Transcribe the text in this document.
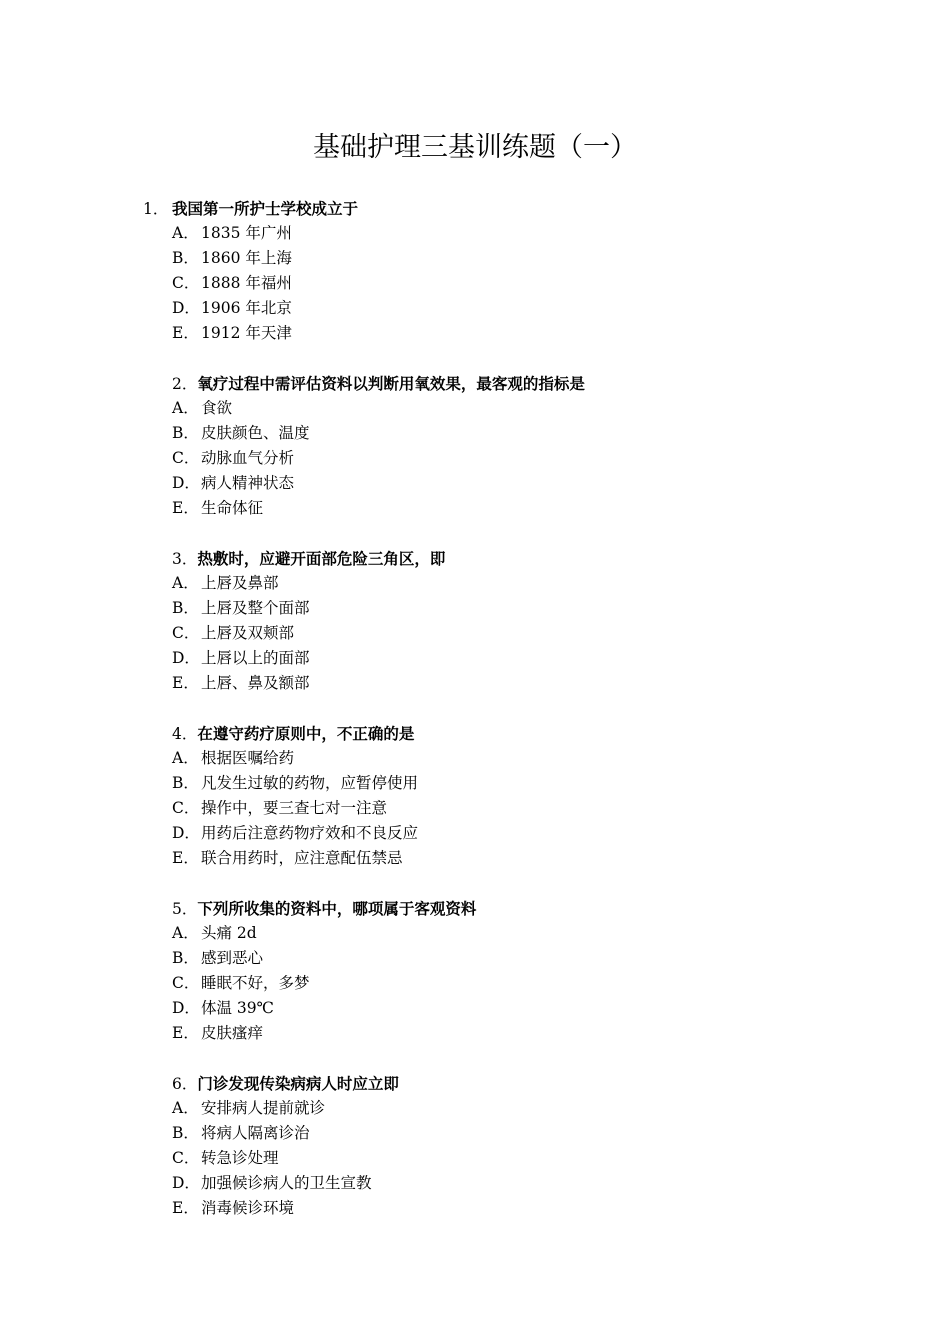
基础护理三基训练题（一）
1． 我国第一所护士学校成立于
A． 1835 年广州
B． 1860 年上海
C． 1888 年福州
D．1906 年北京
E． 1912 年天津
2．氧疗过程中需评估资料以判断用氧效果，最客观的指标是
A． 食欲
B． 皮肤颜色、温度
C． 动脉血气分析
D．病人精神状态
E． 生命体征
3．热敷时，应避开面部危险三角区，即
A． 上唇及鼻部
B． 上唇及整个面部
C． 上唇及双颊部
D．上唇以上的面部
E． 上唇、鼻及额部
4．在遵守药疗原则中，不正确的是
A． 根据医嘱给药
B． 凡发生过敏的药物，应暂停使用
C． 操作中，要三查七对一注意
D．用药后注意药物疗效和不良反应
E． 联合用药时，应注意配伍禁忌
5．下列所收集的资料中，哪项属于客观资料
A． 头痛 2d
B． 感到恶心
C． 睡眠不好，多梦
D．体温 39℃
E． 皮肤瘙痒
6．门诊发现传染病病人时应立即
A． 安排病人提前就诊
B． 将病人隔离诊治
C． 转急诊处理
D．加强候诊病人的卫生宣教
E． 消毒候诊环境
